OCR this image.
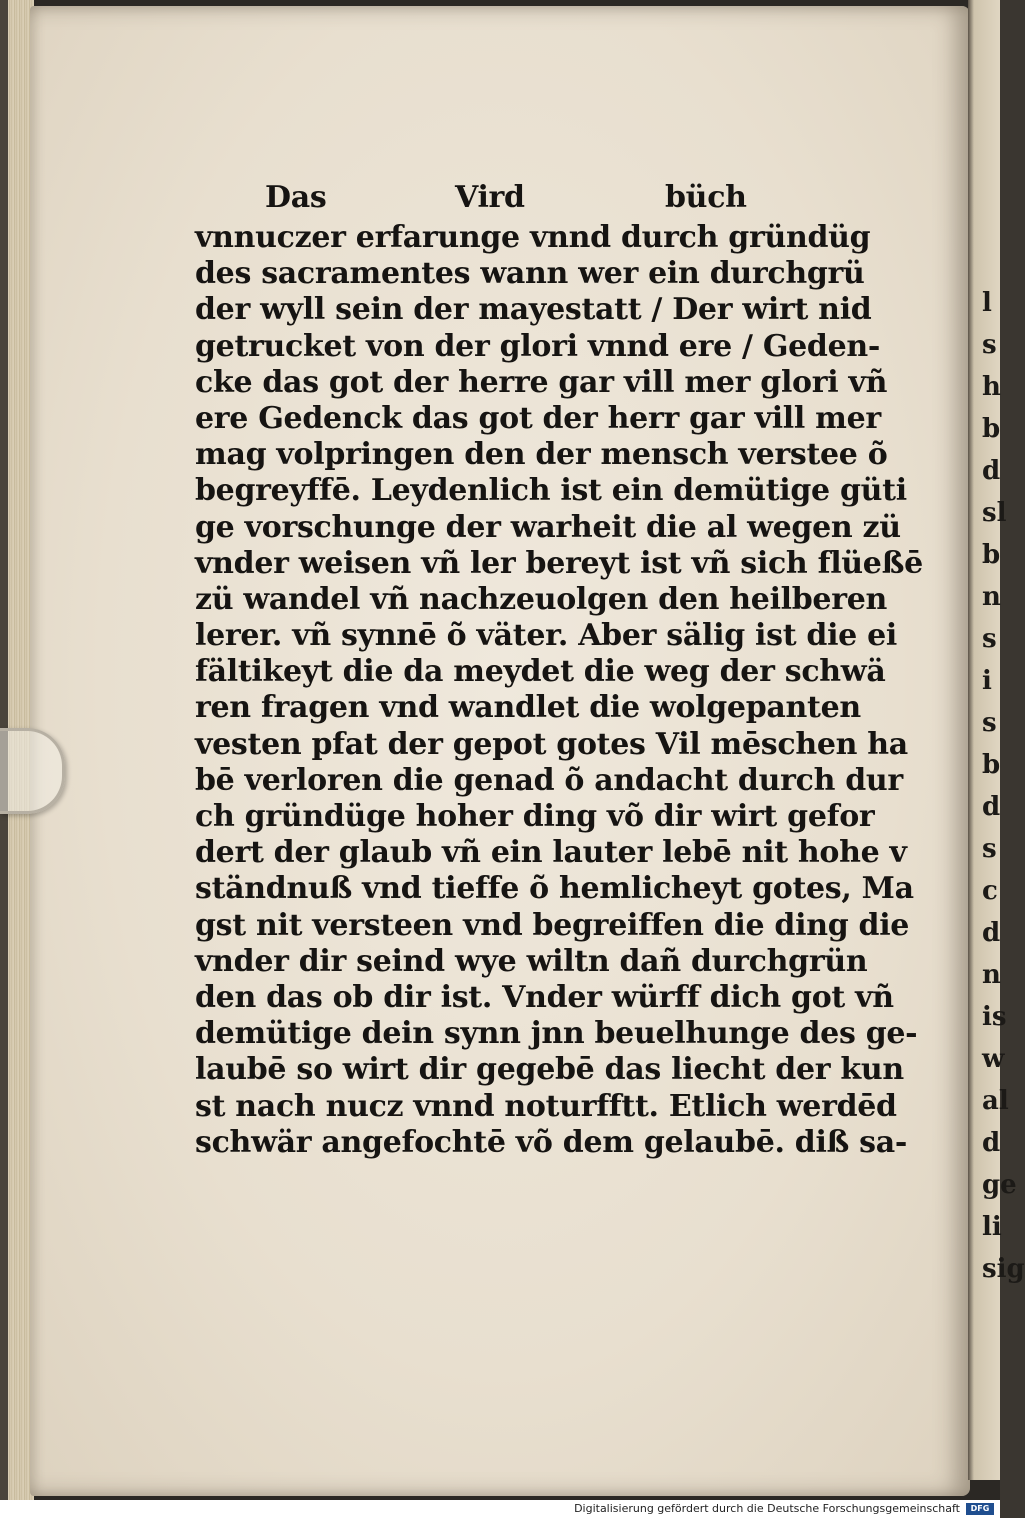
l
s
h
b
d
sl
b
n
s
i
s
b
d
s
c
d
n
is
w
al
d
ge
li
sig
Das	Vird	büch
vnnuczer erfarunge vnnd durch gründüg
des sacramentes wann wer ein durchgrü
der wyll sein der mayestatt / Der wirt nid
getrucket von der glori vnnd ere / Geden-
cke das got der herre gar vill mer glori vñ
ere Gedenck das got der herr gar vill mer
mag volpringen den der mensch verstee õ
begreyffē. Leydenlich ist ein demütige güti
ge vorschunge der warheit die al wegen zü
vnder weisen vñ ler bereyt ist vñ sich flüeßē
zü wandel vñ nachzeuolgen den heilberen
lerer. vñ synnē õ väter. Aber sälig ist die ei
fältikeyt die da meydet die weg der schwä
ren fragen vnd wandlet die wolgepanten
vesten pfat der gepot gotes Vil mēschen ha
bē verloren die genad õ andacht durch dur
ch gründüge hoher ding võ dir wirt gefor
dert der glaub vñ ein lauter lebē nit hohe v
ständnuß vnd tieffe õ hemlicheyt gotes, Ma
gst nit versteen vnd begreiffen die ding die
vnder dir seind wye wiltn dañ durchgrün
den das ob dir ist. Vnder würff dich got vñ
demütige dein synn jnn beuelhunge des ge-
laubē so wirt dir gegebē das liecht der kun
st nach nucz vnnd noturfftt. Etlich werdēd
schwär angefochtē võ dem gelaubē. diß sa-
Digitalisierung gefördert durch die Deutsche Forschungsgemeinschaft	DFG
